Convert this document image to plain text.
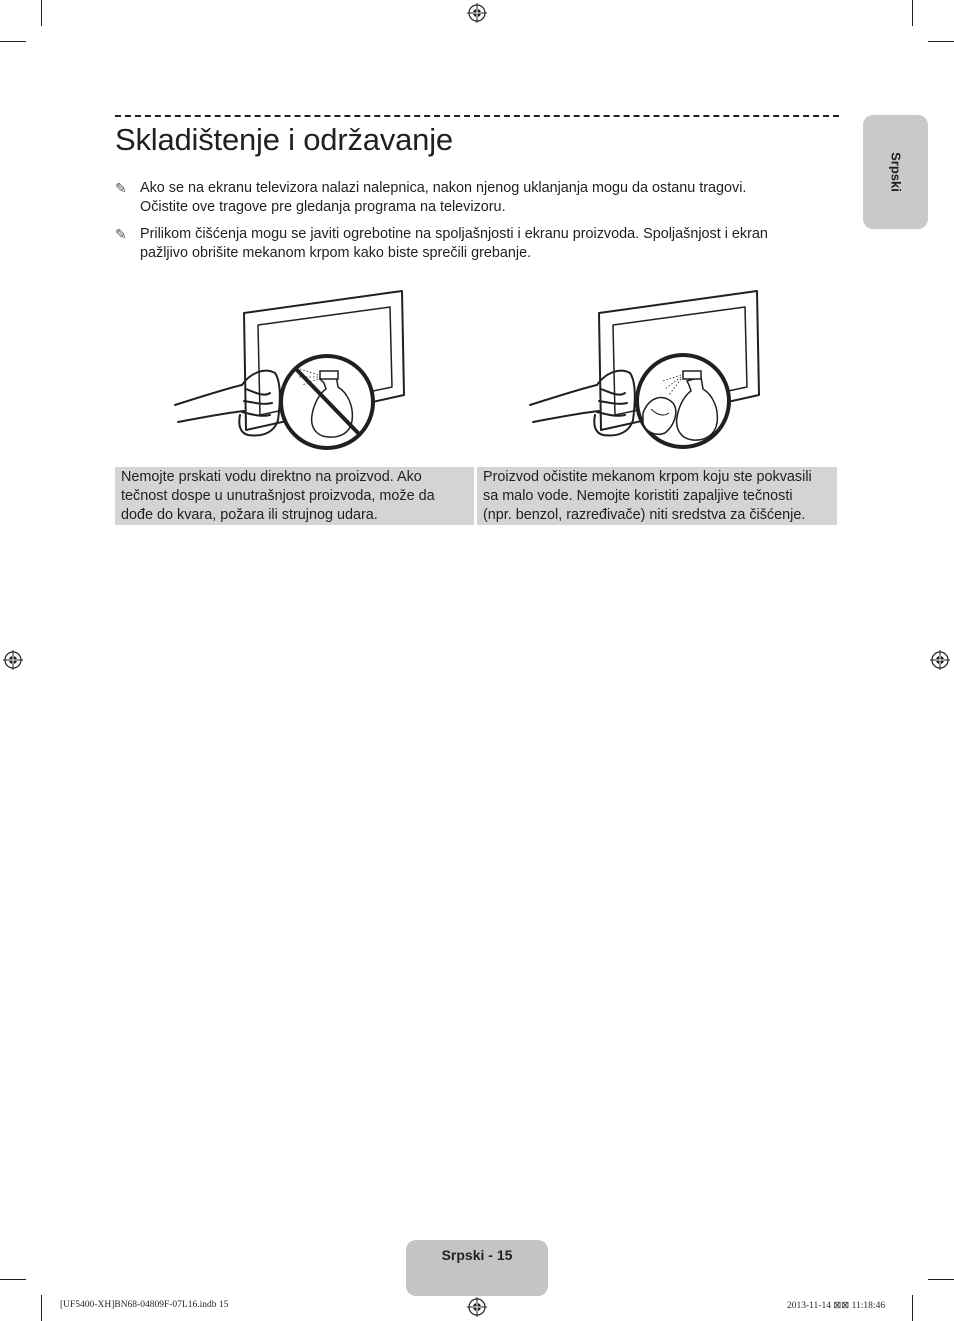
Srpski
Skladištenje i održavanje
✎ Ako se na ekranu televizora nalazi nalepnica, nakon njenog uklanjanja mogu da ostanu tragovi.
Očistite ove tragove pre gledanja programa na televizoru.
✎ Prilikom čišćenja mogu se javiti ogrebotine na spoljašnjosti i ekranu proizvoda. Spoljašnjost i ekran
pažljivo obrišite mekanom krpom kako biste sprečili grebanje.
Nemojte prskati vodu direktno na proizvod. Ako
tečnost dospe u unutrašnjost proizvoda, može da
dođe do kvara, požara ili strujnog udara.
Proizvod očistite mekanom krpom koju ste pokvasili
sa malo vode. Nemojte koristiti zapaljive tečnosti
(npr. benzol, razređivače) niti sredstva za čišćenje.
Srpski - 15
[UF5400-XH]BN68-04809F-07L16.indb 15	2013-11-14 ⊠⊠ 11:18:46
